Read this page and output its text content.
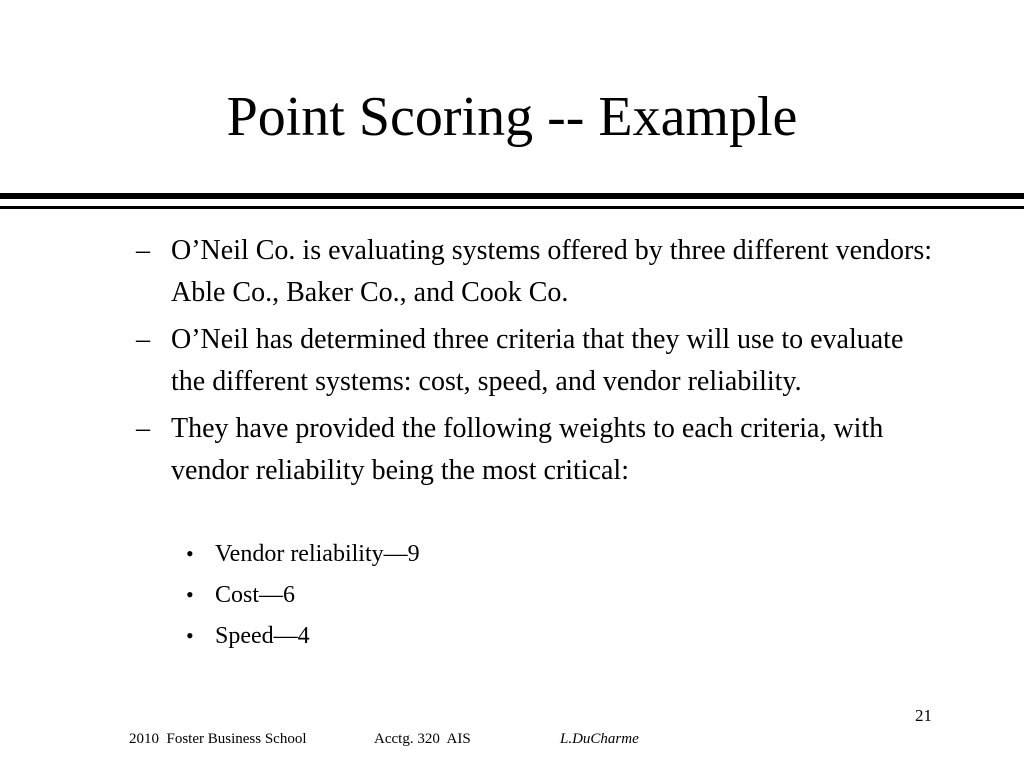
Point Scoring -- Example
– O’Neil Co. is evaluating systems offered by three different vendors: Able Co., Baker Co., and Cook Co.
– O’Neil has determined three criteria that they will use to evaluate the different systems: cost, speed, and vendor reliability.
– They have provided the following weights to each criteria, with vendor reliability being the most critical:
• Vendor reliability—9
• Cost—6
• Speed—4
21
2010  Foster Business School	Acctg. 320  AIS	L.DuCharme
